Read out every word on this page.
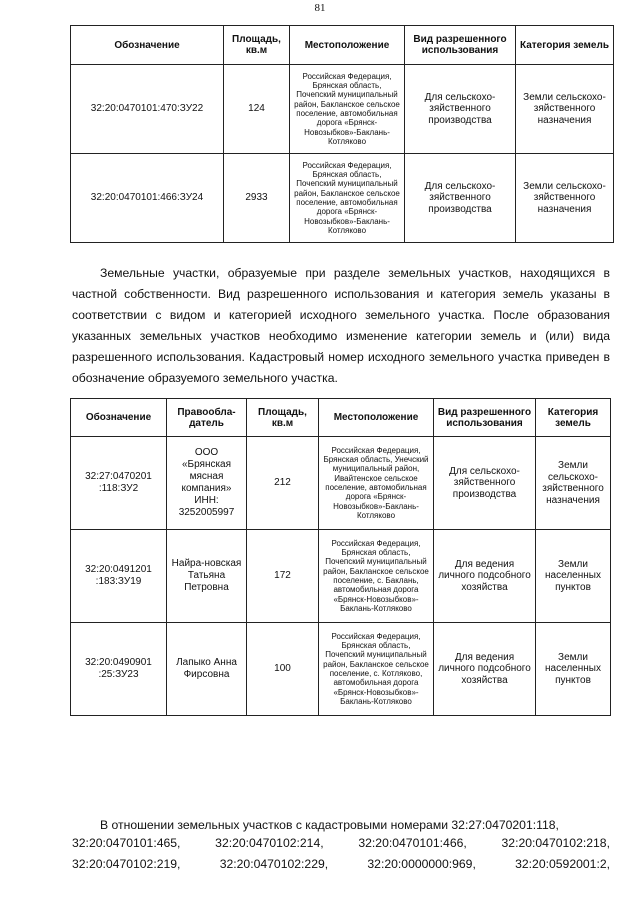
81
Обозначение	Площадь, кв.м	Местоположение	Вид разрешенного использования	Категория земель
32:20:0470101:470:ЗУ22	124	Российская Федерация, Брянская область, Почепский муниципальный район, Бакланское сельское поселение, автомобильная дорога «Брянск-Новозыбков»-Баклань-Котляково	Для сельскохо-зяйственного производства	Земли сельскохо-зяйственного назначения
32:20:0470101:466:ЗУ24	2933	Российская Федерация, Брянская область, Почепский муниципальный район, Бакланское сельское поселение, автомобильная дорога «Брянск-Новозыбков»-Баклань-Котляково	Для сельскохо-зяйственного производства	Земли сельскохо-зяйственного назначения
Земельные участки, образуемые при разделе земельных участков, находящихся в частной собственности. Вид разрешенного использования и категория земель указаны в соответствии с видом и категорией исходного земельного участка. После образования указанных земельных участков необходимо изменение категории земель и (или) вида разрешенного использования. Кадастровый номер исходного земельного участка приведен в обозначение образуемого земельного участка.
Обозначение	Правообла-датель	Площадь, кв.м	Местоположение	Вид разрешенного использования	Категория земель
32:27:0470201 :118:ЗУ2	ООО «Брянская мясная компания» ИНН: 3252005997	212	Российская Федерация, Брянская область, Унечский муниципальный район, Ивайтенское сельское поселение, автомобильная дорога «Брянск-Новозыбков»-Баклань-Котляково	Для сельскохо-зяйственного производства	Земли сельскохо-зяйственного назначения
32:20:0491201 :183:ЗУ19	Найра-новская Татьяна Петровна	172	Российская Федерация, Брянская область, Почепский муниципальный район, Бакланское сельское поселение, с. Баклань, автомобильная дорога «Брянск-Новозыбков»-Баклань-Котляково	Для ведения личного подсобного хозяйства	Земли населенных пунктов
32:20:0490901 :25:ЗУ23	Лапыко Анна Фирсовна	100	Российская Федерация, Брянская область, Почепский муниципальный район, Бакланское сельское поселение, с. Котляково, автомобильная дорога «Брянск-Новозыбков»-Баклань-Котляково	Для ведения личного подсобного хозяйства	Земли населенных пунктов
В отношении земельных участков с кадастровыми номерами 32:27:0470201:118,
32:20:0470101:465,	32:20:0470102:214,	32:20:0470101:466,	32:20:0470102:218,
32:20:0470102:219,	32:20:0470102:229,	32:20:0000000:969,	32:20:0592001:2,
